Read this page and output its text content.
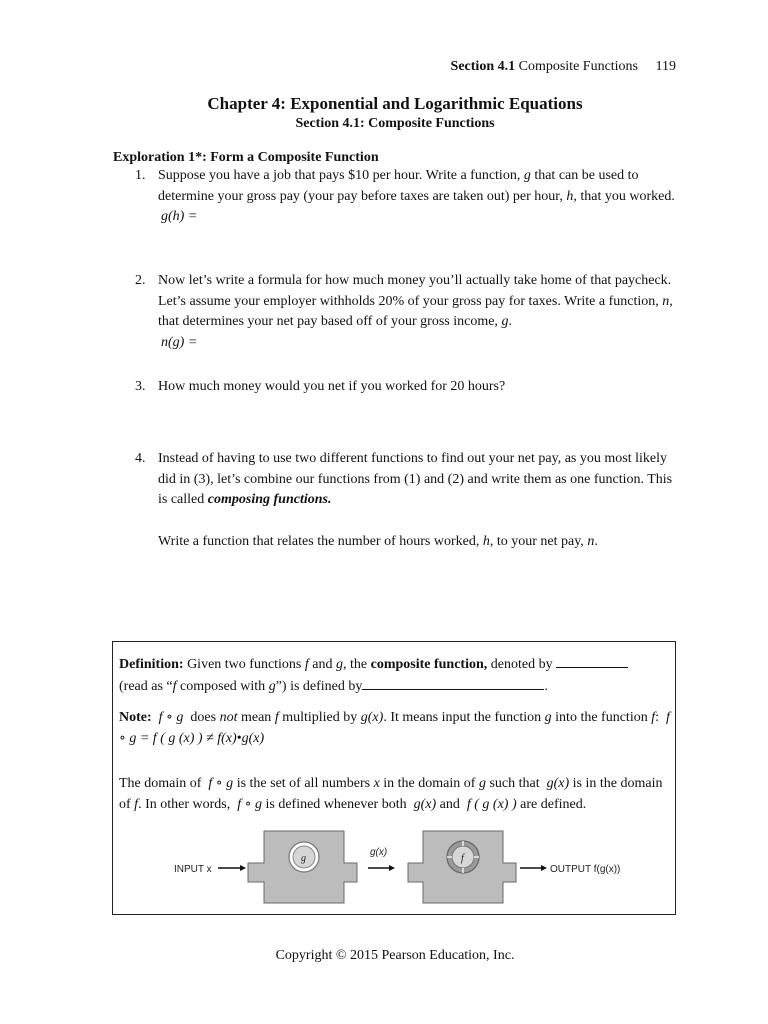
Section 4.1 Composite Functions 119
Chapter 4: Exponential and Logarithmic Equations
Section 4.1: Composite Functions
Exploration 1*: Form a Composite Function
1. Suppose you have a job that pays $10 per hour. Write a function, g that can be used to determine your gross pay (your pay before taxes are taken out) per hour, h, that you worked.
g(h) =
2. Now let’s write a formula for how much money you’ll actually take home of that paycheck. Let’s assume your employer withholds 20% of your gross pay for taxes. Write a function, n, that determines your net pay based off of your gross income, g.
n(g) =
3. How much money would you net if you worked for 20 hours?
4. Instead of having to use two different functions to find out your net pay, as you most likely did in (3), let’s combine our functions from (1) and (2) and write them as one function. This is called composing functions.
Write a function that relates the number of hours worked, h, to your net pay, n.

Definition: Given two functions f and g, the composite function, denoted by
(read as “f composed with g”) is defined by	.

Note: f ∘ g does not mean f multiplied by g(x). It means input the function g into the function f: f ∘ g = f ( g (x) ) ≠ f(x)•g(x)

The domain of f ∘ g is the set of all numbers x in the domain of g such that g(x) is in the domain of f. In other words, f ∘ g is defined whenever both g(x) and f ( g (x) ) are defined.

INPUT x
g
g(x)
f
OUTPUT f(g(x))
Copyright © 2015 Pearson Education, Inc.
